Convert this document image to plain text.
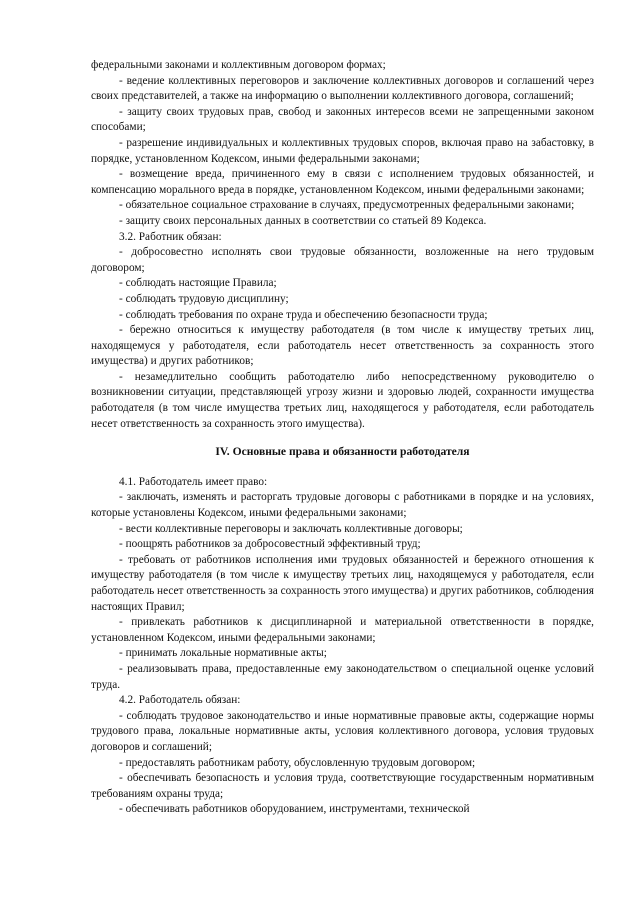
федеральными законами и коллективным договором формах;

- ведение коллективных переговоров и заключение коллективных договоров и соглашений через своих представителей, а также на информацию о выполнении коллективного договора, соглашений;

- защиту своих трудовых прав, свобод и законных интересов всеми не запрещенными законом способами;

- разрешение индивидуальных и коллективных трудовых споров, включая право на забастовку, в порядке, установленном Кодексом, иными федеральными законами;

- возмещение вреда, причиненного ему в связи с исполнением трудовых обязанностей, и компенсацию морального вреда в порядке, установленном Кодексом, иными федеральными законами;

- обязательное социальное страхование в случаях, предусмотренных федеральными законами;

- защиту своих персональных данных в соответствии со статьей 89 Кодекса.

3.2. Работник обязан:

- добросовестно исполнять свои трудовые обязанности, возложенные на него трудовым договором;

- соблюдать настоящие Правила;

- соблюдать трудовую дисциплину;

- соблюдать требования по охране труда и обеспечению безопасности труда;

- бережно относиться к имуществу работодателя (в том числе к имуществу третьих лиц, находящемуся у работодателя, если работодатель несет ответственность за сохранность этого имущества) и других работников;

- незамедлительно сообщить работодателю либо непосредственному руководителю о возникновении ситуации, представляющей угрозу жизни и здоровью людей, сохранности имущества работодателя (в том числе имущества третьих лиц, находящегося у работодателя, если работодатель несет ответственность за сохранность этого имущества).

IV. Основные права и обязанности работодателя

4.1. Работодатель имеет право:

- заключать, изменять и расторгать трудовые договоры с работниками в порядке и на условиях, которые установлены Кодексом, иными федеральными законами;

- вести коллективные переговоры и заключать коллективные договоры;

- поощрять работников за добросовестный эффективный труд;

- требовать от работников исполнения ими трудовых обязанностей и бережного отношения к имуществу работодателя (в том числе к имуществу третьих лиц, находящемуся у работодателя, если работодатель несет ответственность за сохранность этого имущества) и других работников, соблюдения настоящих Правил;

- привлекать работников к дисциплинарной и материальной ответственности в порядке, установленном Кодексом, иными федеральными законами;

- принимать локальные нормативные акты;

- реализовывать права, предоставленные ему законодательством о специальной оценке условий труда.

4.2. Работодатель обязан:

- соблюдать трудовое законодательство и иные нормативные правовые акты, содержащие нормы трудового права, локальные нормативные акты, условия коллективного договора, условия трудовых договоров и соглашений;

- предоставлять работникам работу, обусловленную трудовым договором;

- обеспечивать безопасность и условия труда, соответствующие государственным нормативным требованиям охраны труда;

- обеспечивать работников оборудованием, инструментами, технической
